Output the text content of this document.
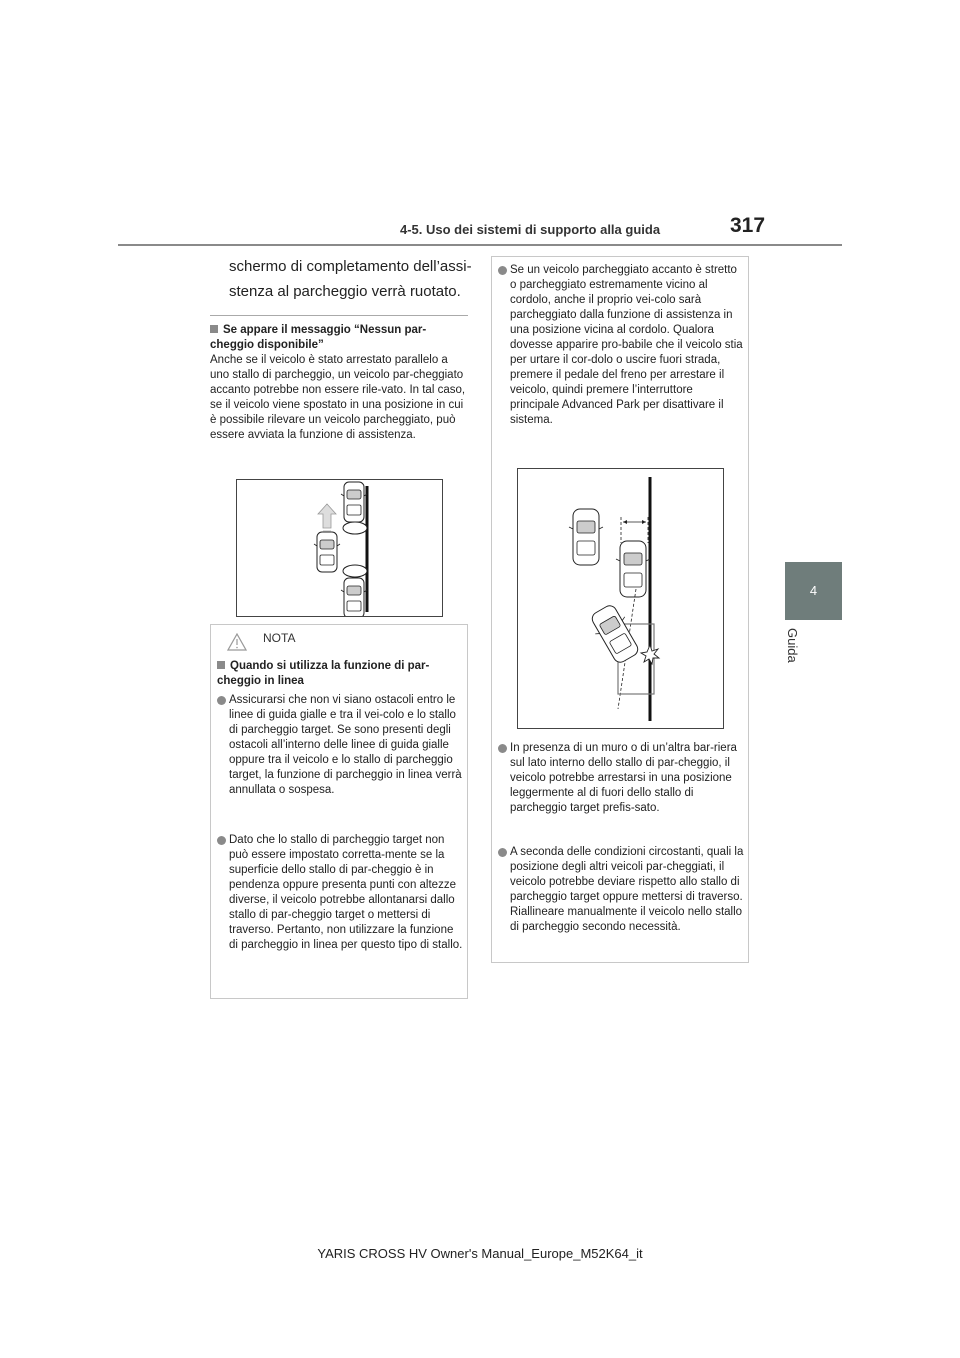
4-5. Uso dei sistemi di supporto alla guida	317
4
Guida
schermo di completamento dell’assi-stenza al parcheggio verrà ruotato.
Se appare il messaggio “Nessun par-cheggio disponibile”
Anche se il veicolo è stato arrestato parallelo a uno stallo di parcheggio, un veicolo par-cheggiato accanto potrebbe non essere rile-vato. In tal caso, se il veicolo viene spostato in una posizione in cui è possibile rilevare un veicolo parcheggiato, può essere avviata la funzione di assistenza.
NOTA
Quando si utilizza la funzione di par-cheggio in linea
Assicurarsi che non vi siano ostacoli entro le linee di guida gialle e tra il vei-colo e lo stallo di parcheggio target. Se sono presenti degli ostacoli all’interno delle linee di guida gialle oppure tra il veicolo e lo stallo di parcheggio target, la funzione di parcheggio in linea verrà annullata o sospesa.
Dato che lo stallo di parcheggio target non può essere impostato corretta-mente se la superficie dello stallo di par-cheggio è in pendenza oppure presenta punti con altezze diverse, il veicolo potrebbe allontanarsi dallo stallo di par-cheggio target o mettersi di traverso. Pertanto, non utilizzare la funzione di parcheggio in linea per questo tipo di stallo.
Se un veicolo parcheggiato accanto è stretto o parcheggiato estremamente vicino al cordolo, anche il proprio vei-colo sarà parcheggiato dalla funzione di assistenza in una posizione vicina al cordolo. Qualora dovesse apparire pro-babile che il veicolo stia per urtare il cor-dolo o uscire fuori strada, premere il pedale del freno per arrestare il veicolo, quindi premere l’interruttore principale Advanced Park per disattivare il sistema.
In presenza di un muro o di un’altra bar-riera sul lato interno dello stallo di par-cheggio, il veicolo potrebbe arrestarsi in una posizione leggermente al di fuori dello stallo di parcheggio target prefis-sato.
A seconda delle condizioni circostanti, quali la posizione degli altri veicoli par-cheggiati, il veicolo potrebbe deviare rispetto allo stallo di parcheggio target oppure mettersi di traverso. Riallineare manualmente il veicolo nello stallo di parcheggio secondo necessità.
YARIS CROSS HV Owner's Manual_Europe_M52K64_it
